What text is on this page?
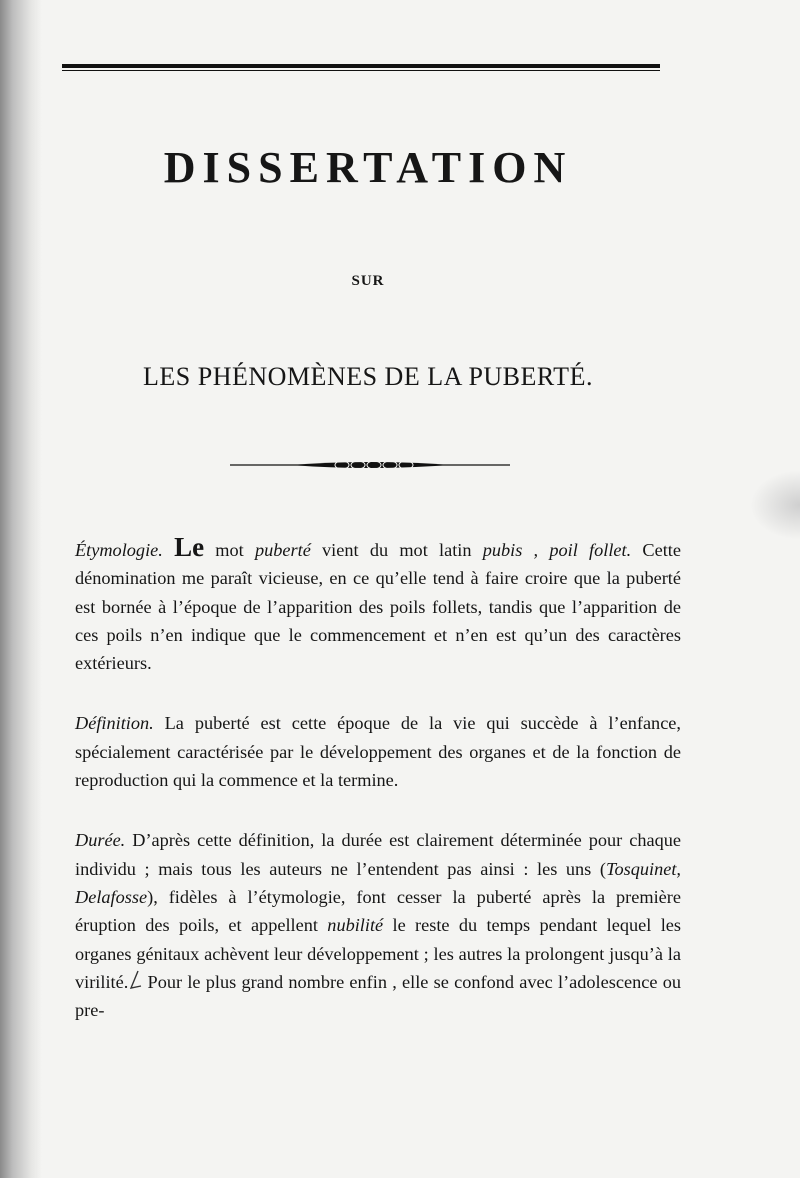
DISSERTATION
SUR
LES PHÉNOMÈNES DE LA PUBERTÉ.

Étymologie. Le mot puberté vient du mot latin pubis , poil follet. Cette dénomination me paraît vicieuse, en ce qu’elle tend à faire croire que la puberté est bornée à l’époque de l’apparition des poils follets, tandis que l’apparition de ces poils n’en indique que le commencement et n’en est qu’un des caractères extérieurs.

Définition. La puberté est cette époque de la vie qui succède à l’enfance, spécialement caractérisée par le développement des organes et de la fonction de reproduction qui la commence et la termine.

Durée. D’après cette définition, la durée est clairement déterminée pour chaque individu ; mais tous les auteurs ne l’entendent pas ainsi : les uns (Tosquinet, Delafosse), fidèles à l’étymologie, font cesser la puberté après la première éruption des poils, et appellent nubilité le reste du temps pendant lequel les organes génitaux achèvent leur développement ; les autres la prolongent jusqu’à la virilité. Pour le plus grand nombre enfin , elle se confond avec l’adolescence ou pre-
